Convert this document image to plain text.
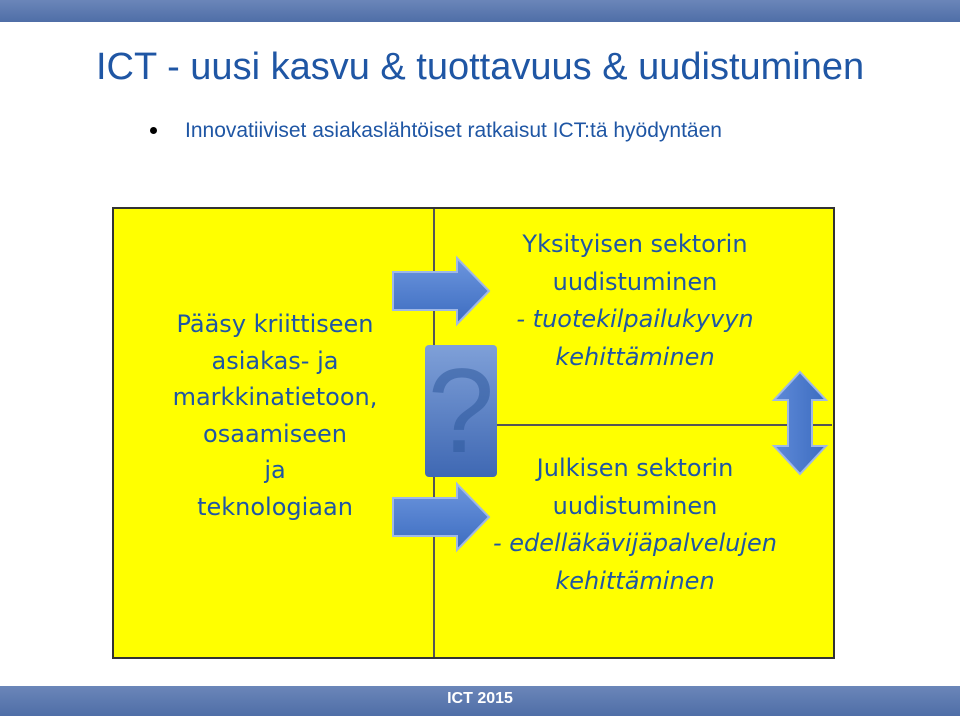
ICT - uusi kasvu & tuottavuus & uudistuminen
Innovatiiviset asiakaslähtöiset ratkaisut ICT:tä hyödyntäen
Pääsy kriittiseen
asiakas- ja
markkinatietoon,
osaamiseen
ja
teknologiaan
?
Yksityisen sektorin
uudistuminen
- tuotekilpailukyvyn
kehittäminen
Julkisen sektorin
uudistuminen
- edelläkävijäpalvelujen
kehittäminen
ICT 2015
